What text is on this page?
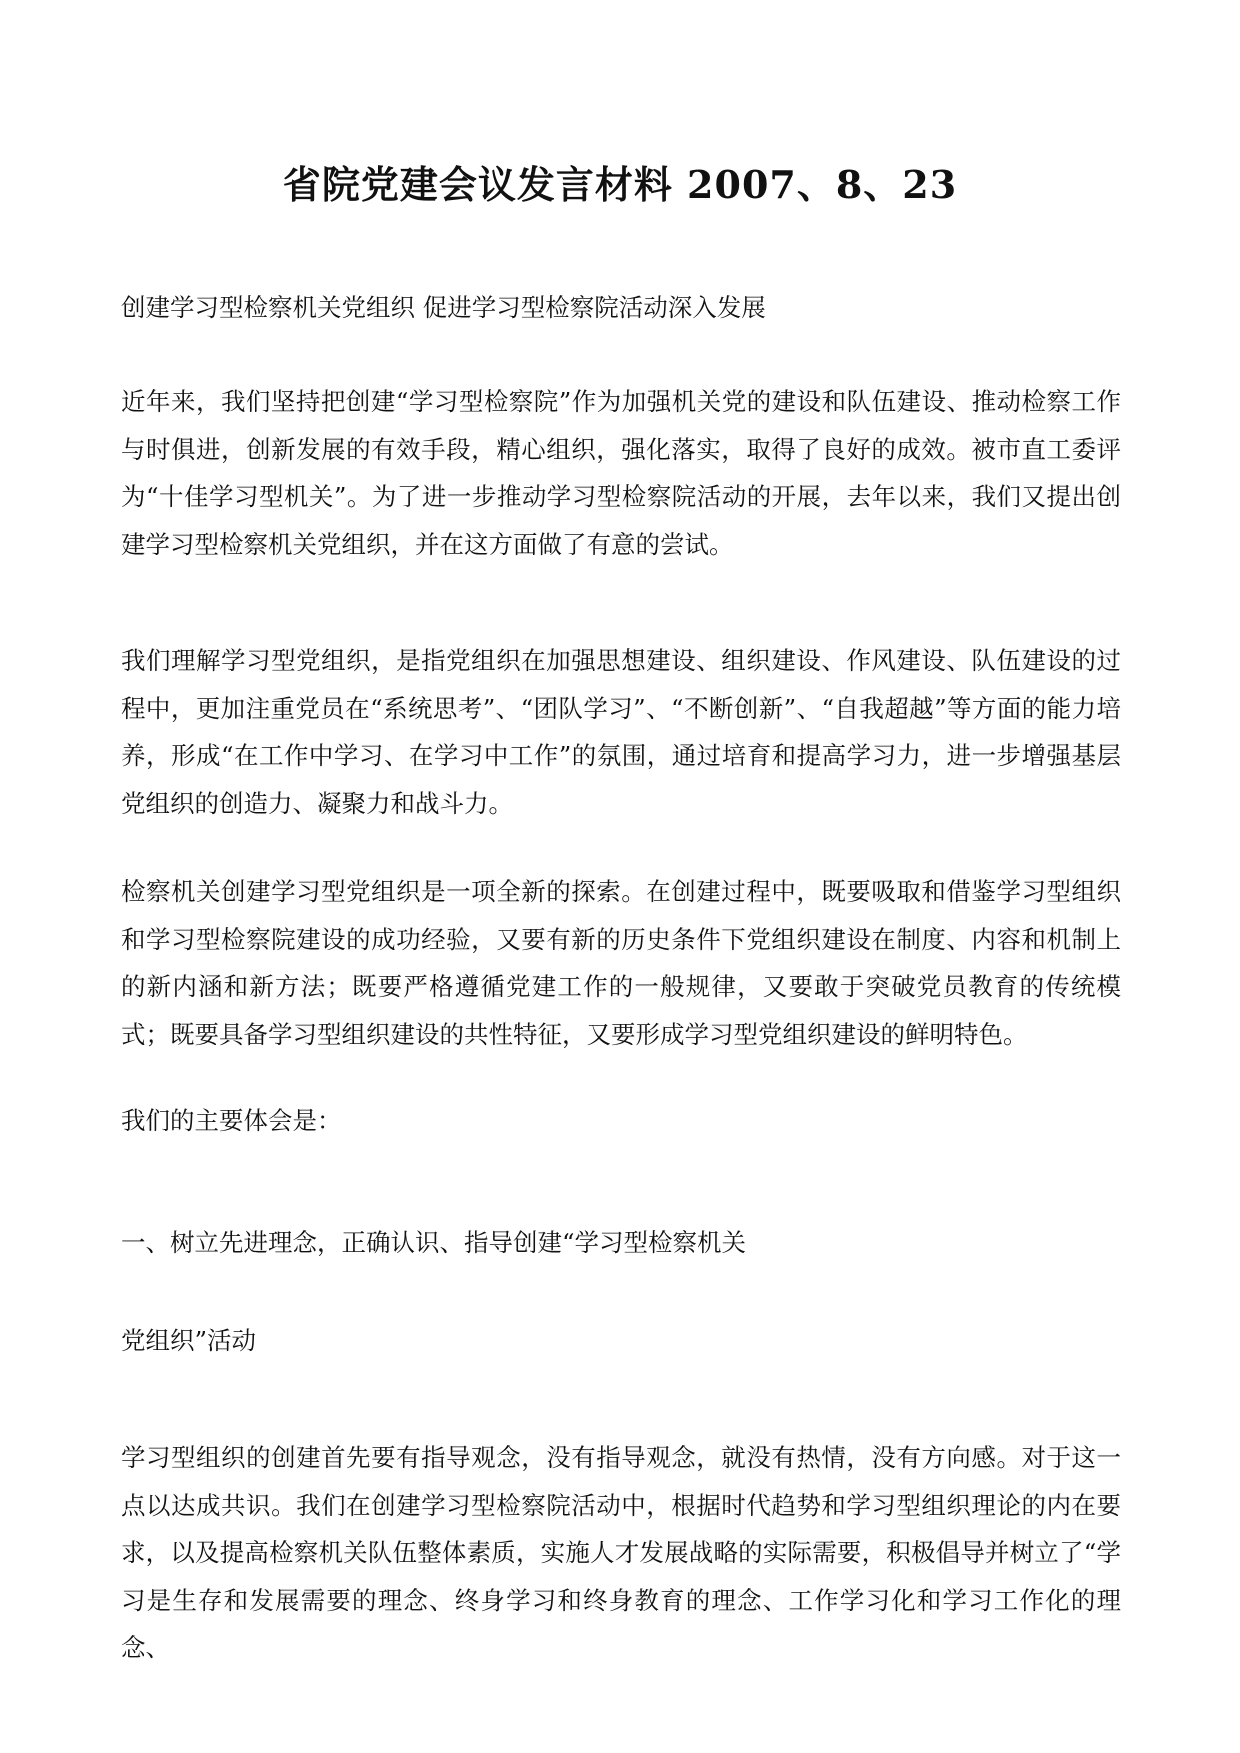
省院党建会议发言材料 2007、8、23

创建学习型检察机关党组织 促进学习型检察院活动深入发展

近年来，我们坚持把创建“学习型检察院”作为加强机关党的建设和队伍建设、推动检察工作与时俱进，创新发展的有效手段，精心组织，强化落实，取得了良好的成效。被市直工委评为“十佳学习型机关”。为了进一步推动学习型检察院活动的开展，去年以来，我们又提出创建学习型检察机关党组织，并在这方面做了有意的尝试。

我们理解学习型党组织，是指党组织在加强思想建设、组织建设、作风建设、队伍建设的过程中，更加注重党员在“系统思考”、“团队学习”、“不断创新”、“自我超越”等方面的能力培养，形成“在工作中学习、在学习中工作”的氛围，通过培育和提高学习力，进一步增强基层党组织的创造力、凝聚力和战斗力。

检察机关创建学习型党组织是一项全新的探索。在创建过程中，既要吸取和借鉴学习型组织和学习型检察院建设的成功经验，又要有新的历史条件下党组织建设在制度、内容和机制上的新内涵和新方法；既要严格遵循党建工作的一般规律，又要敢于突破党员教育的传统模式；既要具备学习型组织建设的共性特征，又要形成学习型党组织建设的鲜明特色。

我们的主要体会是：

一、树立先进理念，正确认识、指导创建“学习型检察机关

党组织”活动

学习型组织的创建首先要有指导观念，没有指导观念，就没有热情，没有方向感。对于这一点以达成共识。我们在创建学习型检察院活动中，根据时代趋势和学习型组织理论的内在要求，以及提高检察机关队伍整体素质，实施人才发展战略的实际需要，积极倡导并树立了“学习是生存和发展需要的理念、终身学习和终身教育的理念、工作学习化和学习工作化的理念、
